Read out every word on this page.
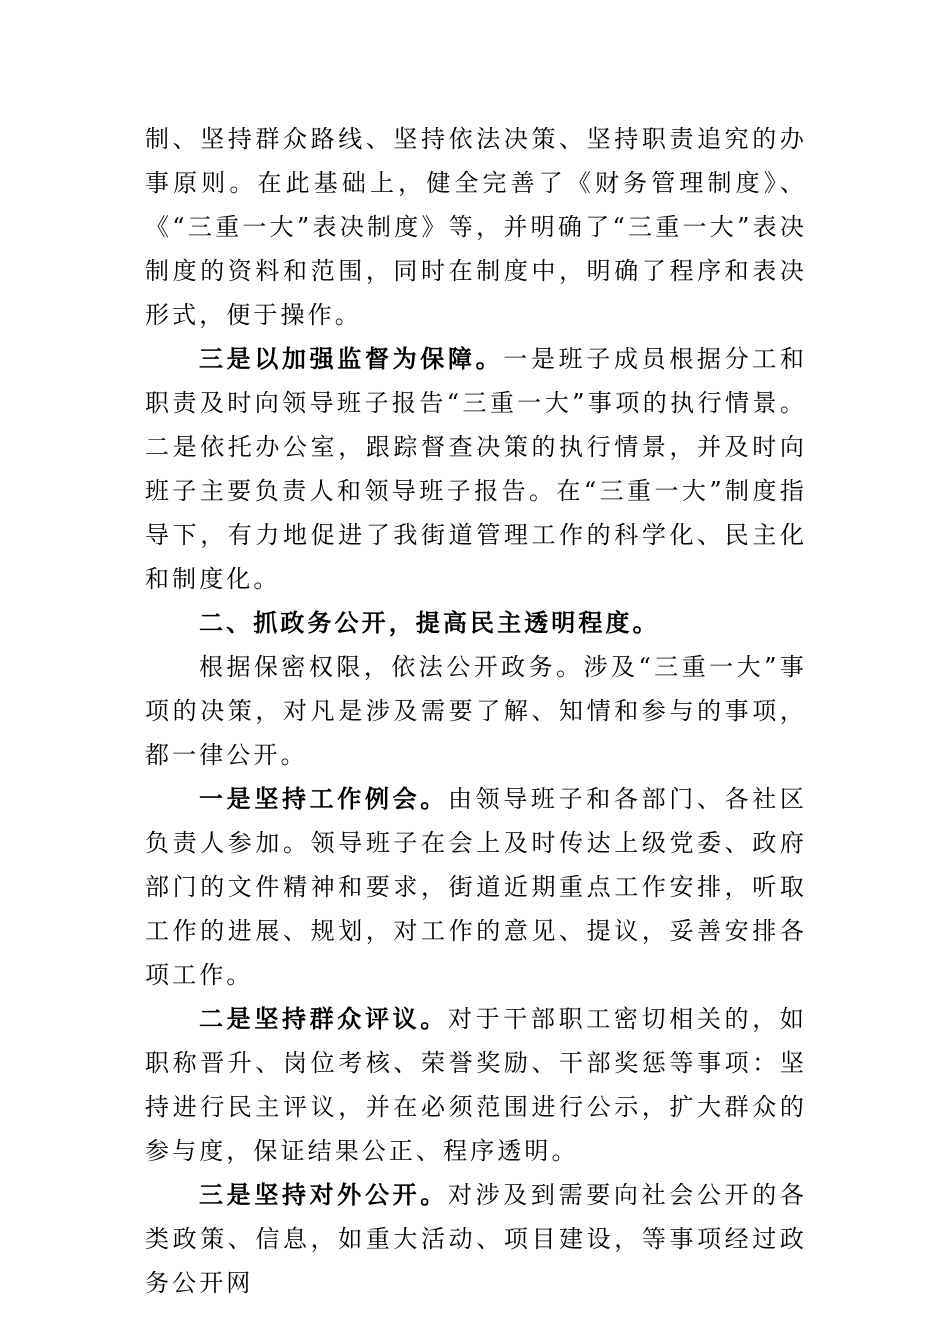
制、坚持群众路线、坚持依法决策、坚持职责追究的办事原则。在此基础上，健全完善了《财务管理制度》、《“三重一大”表决制度》等，并明确了“三重一大”表决制度的资料和范围，同时在制度中，明确了程序和表决形式，便于操作。

三是以加强监督为保障。一是班子成员根据分工和职责及时向领导班子报告“三重一大”事项的执行情景。二是依托办公室，跟踪督查决策的执行情景，并及时向班子主要负责人和领导班子报告。在“三重一大”制度指导下，有力地促进了我街道管理工作的科学化、民主化和制度化。

二、抓政务公开，提高民主透明程度。

根据保密权限，依法公开政务。涉及“三重一大”事项的决策，对凡是涉及需要了解、知情和参与的事项，都一律公开。

一是坚持工作例会。由领导班子和各部门、各社区负责人参加。领导班子在会上及时传达上级党委、政府部门的文件精神和要求，街道近期重点工作安排，听取工作的进展、规划，对工作的意见、提议，妥善安排各项工作。

二是坚持群众评议。对于干部职工密切相关的，如职称晋升、岗位考核、荣誉奖励、干部奖惩等事项：坚持进行民主评议，并在必须范围进行公示，扩大群众的参与度，保证结果公正、程序透明。

三是坚持对外公开。对涉及到需要向社会公开的各类政策、信息，如重大活动、项目建设，等事项经过政务公开网
